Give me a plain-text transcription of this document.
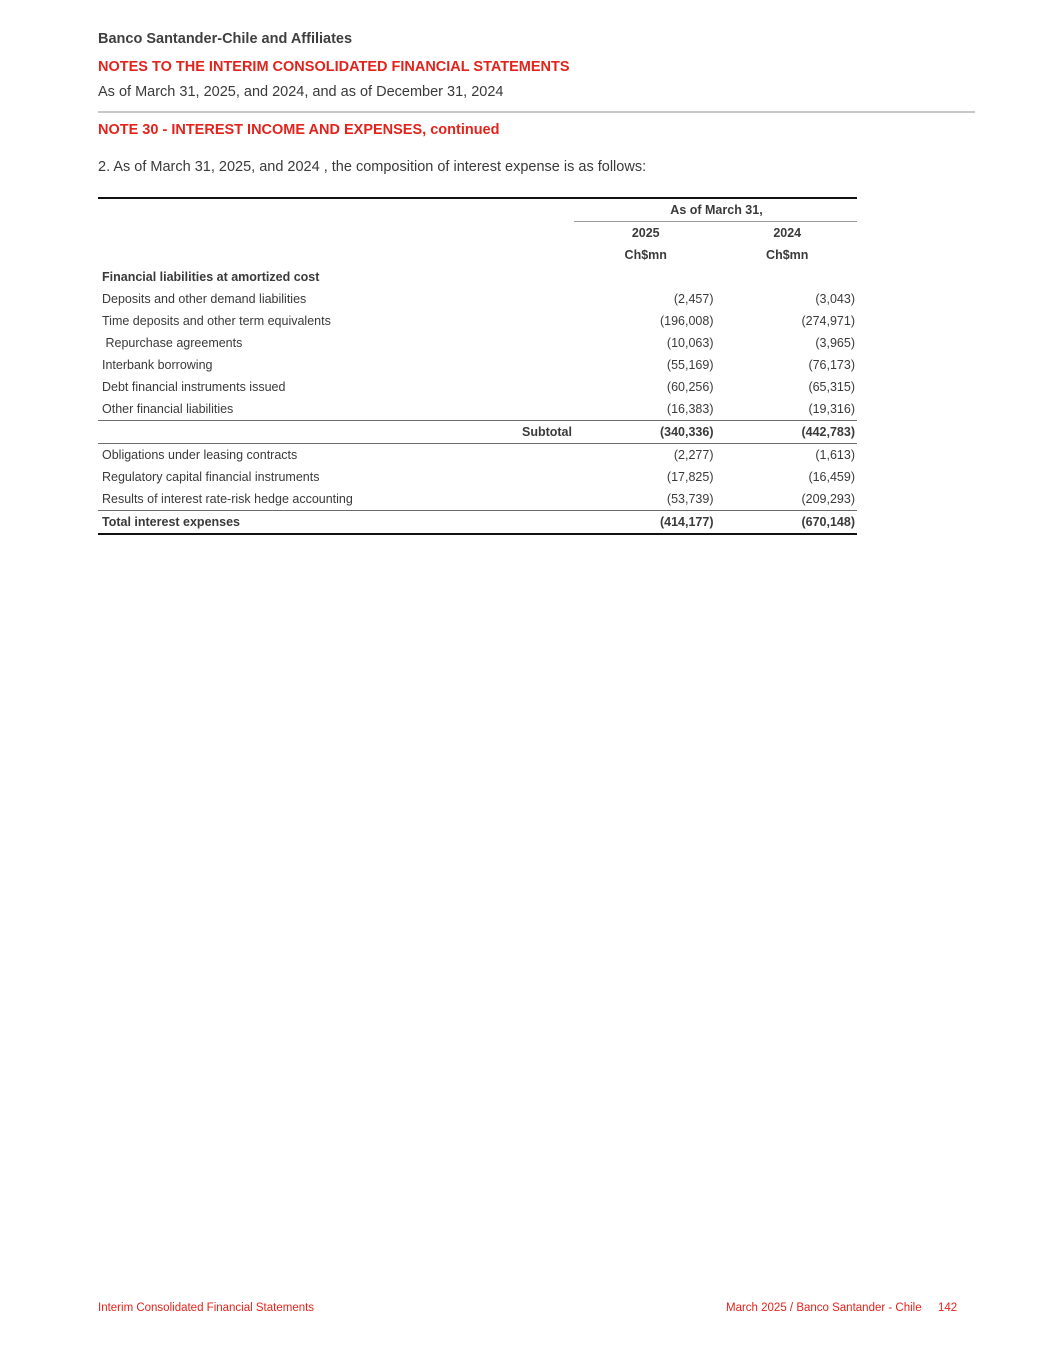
Banco Santander-Chile and Affiliates
NOTES TO THE INTERIM CONSOLIDATED FINANCIAL STATEMENTS
As of March 31, 2025, and 2024, and as of December 31, 2024
NOTE 30 - INTEREST INCOME AND EXPENSES, continued
2. As of March 31, 2025, and 2024 , the composition of interest expense is as follows:

	As of March 31,	
	2025	2024
	Ch$mn	Ch$mn
Financial liabilities at amortized cost		
Deposits and other demand liabilities	(2,457)	(3,043)
Time deposits and other term equivalents	(196,008)	(274,971)
Repurchase agreements	(10,063)	(3,965)
Interbank borrowing	(55,169)	(76,173)
Debt financial instruments issued	(60,256)	(65,315)
Other financial liabilities	(16,383)	(19,316)
Subtotal	(340,336)	(442,783)
Obligations under leasing contracts	(2,277)	(1,613)
Regulatory capital financial instruments	(17,825)	(16,459)
Results of interest rate-risk hedge accounting	(53,739)	(209,293)
Total interest expenses	(414,177)	(670,148)
Interim Consolidated Financial Statements	March 2025 / Banco Santander - Chile 142
